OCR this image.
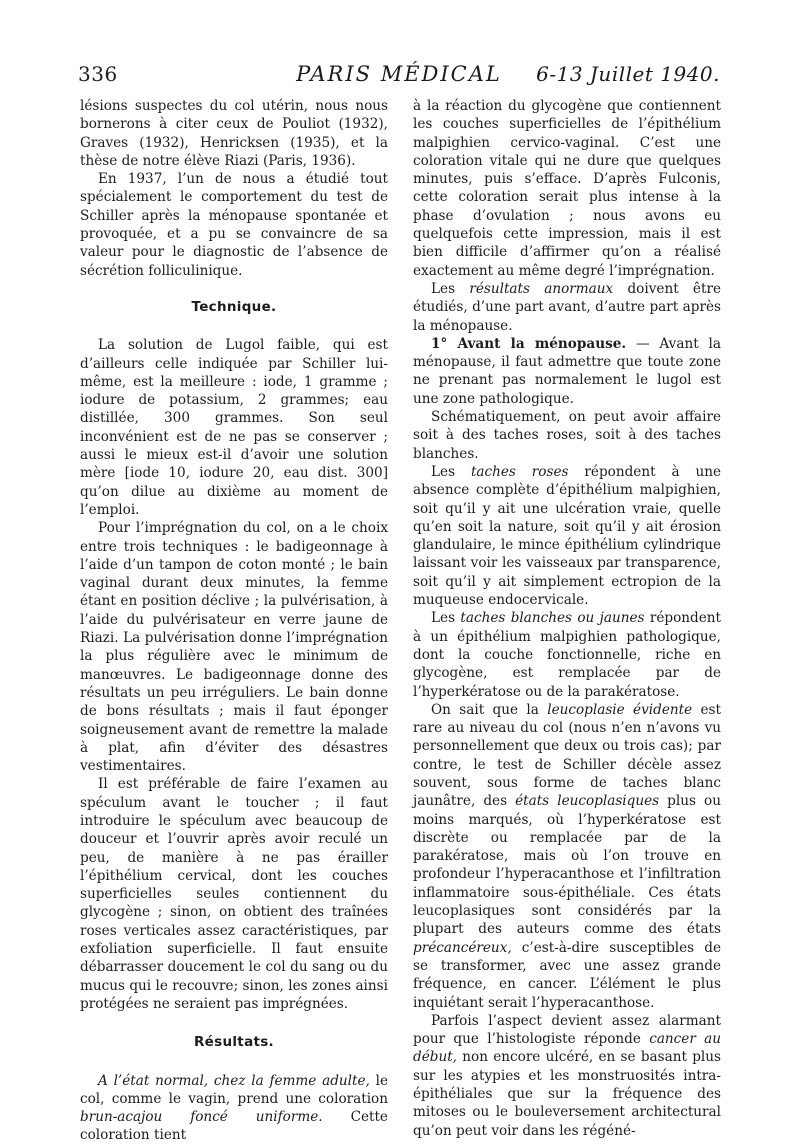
336	PARIS MÉDICAL	6-13 Juillet 1940.

lésions suspectes du col utérin, nous nous bornerons à citer ceux de Pouliot (1932), Graves (1932), Henricksen (1935), et la thèse de notre élève Riazi (Paris, 1936).

En 1937, l’un de nous a étudié tout spécialement le comportement du test de Schiller après la ménopause spontanée et provoquée, et a pu se convaincre de sa valeur pour le diagnostic de l’absence de sécrétion folliculinique.

Technique.

La solution de Lugol faible, qui est d’ailleurs celle indiquée par Schiller lui-même, est la meilleure : iode, 1 gramme ; iodure de potassium, 2 grammes; eau distillée, 300 grammes. Son seul inconvénient est de ne pas se conserver ; aussi le mieux est-il d’avoir une solution mère [iode 10, iodure 20, eau dist. 300] qu’on dilue au dixième au moment de l’emploi.

Pour l’imprégnation du col, on a le choix entre trois techniques : le badigeonnage à l’aide d’un tampon de coton monté ; le bain vaginal durant deux minutes, la femme étant en position déclive ; la pulvérisation, à l’aide du pulvérisateur en verre jaune de Riazi. La pulvérisation donne l’imprégnation la plus régulière avec le minimum de manœuvres. Le badigeonnage donne des résultats un peu irréguliers. Le bain donne de bons résultats ; mais il faut éponger soigneusement avant de remettre la malade à plat, afin d’éviter des désastres vestimentaires.

Il est préférable de faire l’examen au spéculum avant le toucher ; il faut introduire le spéculum avec beaucoup de douceur et l’ouvrir après avoir reculé un peu, de manière à ne pas érailler l’épithélium cervical, dont les couches superficielles seules contiennent du glycogène ; sinon, on obtient des traînées roses verticales assez caractéristiques, par exfoliation superficielle. Il faut ensuite débarrasser doucement le col du sang ou du mucus qui le recouvre; sinon, les zones ainsi protégées ne seraient pas imprégnées.

Résultats.

A l’état normal, chez la femme adulte, le col, comme le vagin, prend une coloration brun-acajou foncé uniforme. Cette coloration tient

à la réaction du glycogène que contiennent les couches superficielles de l’épithélium malpighien cervico-vaginal. C’est une coloration vitale qui ne dure que quelques minutes, puis s’efface. D’après Fulconis, cette coloration serait plus intense à la phase d’ovulation ; nous avons eu quelquefois cette impression, mais il est bien difficile d’affirmer qu’on a réalisé exactement au même degré l’imprégnation.

Les résultats anormaux doivent être étudiés, d’une part avant, d’autre part après la ménopause.

1° Avant la ménopause. — Avant la ménopause, il faut admettre que toute zone ne prenant pas normalement le lugol est une zone pathologique.

Schématiquement, on peut avoir affaire soit à des taches roses, soit à des taches blanches.

Les taches roses répondent à une absence complète d’épithélium malpighien, soit qu’il y ait une ulcération vraie, quelle qu’en soit la nature, soit qu’il y ait érosion glandulaire, le mince épithélium cylindrique laissant voir les vaisseaux par transparence, soit qu’il y ait simplement ectropion de la muqueuse endocervicale.

Les taches blanches ou jaunes répondent à un épithélium malpighien pathologique, dont la couche fonctionnelle, riche en glycogène, est remplacée par de l’hyperkératose ou de la parakératose.

On sait que la leucoplasie évidente est rare au niveau du col (nous n’en n’avons vu personnellement que deux ou trois cas); par contre, le test de Schiller décèle assez souvent, sous forme de taches blanc jaunâtre, des états leucoplasiques plus ou moins marqués, où l’hyperkératose est discrète ou remplacée par de la parakératose, mais où l’on trouve en profondeur l’hyperacanthose et l’infiltration inflammatoire sous-épithéliale. Ces états leucoplasiques sont considérés par la plupart des auteurs comme des états précancéreux, c’est-à-dire susceptibles de se transformer, avec une assez grande fréquence, en cancer. L’élément le plus inquiétant serait l’hyperacanthose.

Parfois l’aspect devient assez alarmant pour que l’histologiste réponde cancer au début, non encore ulcéré, en se basant plus sur les atypies et les monstruosités intra-épithéliales que sur la fréquence des mitoses ou le bouleversement architectural qu’on peut voir dans les régéné-
